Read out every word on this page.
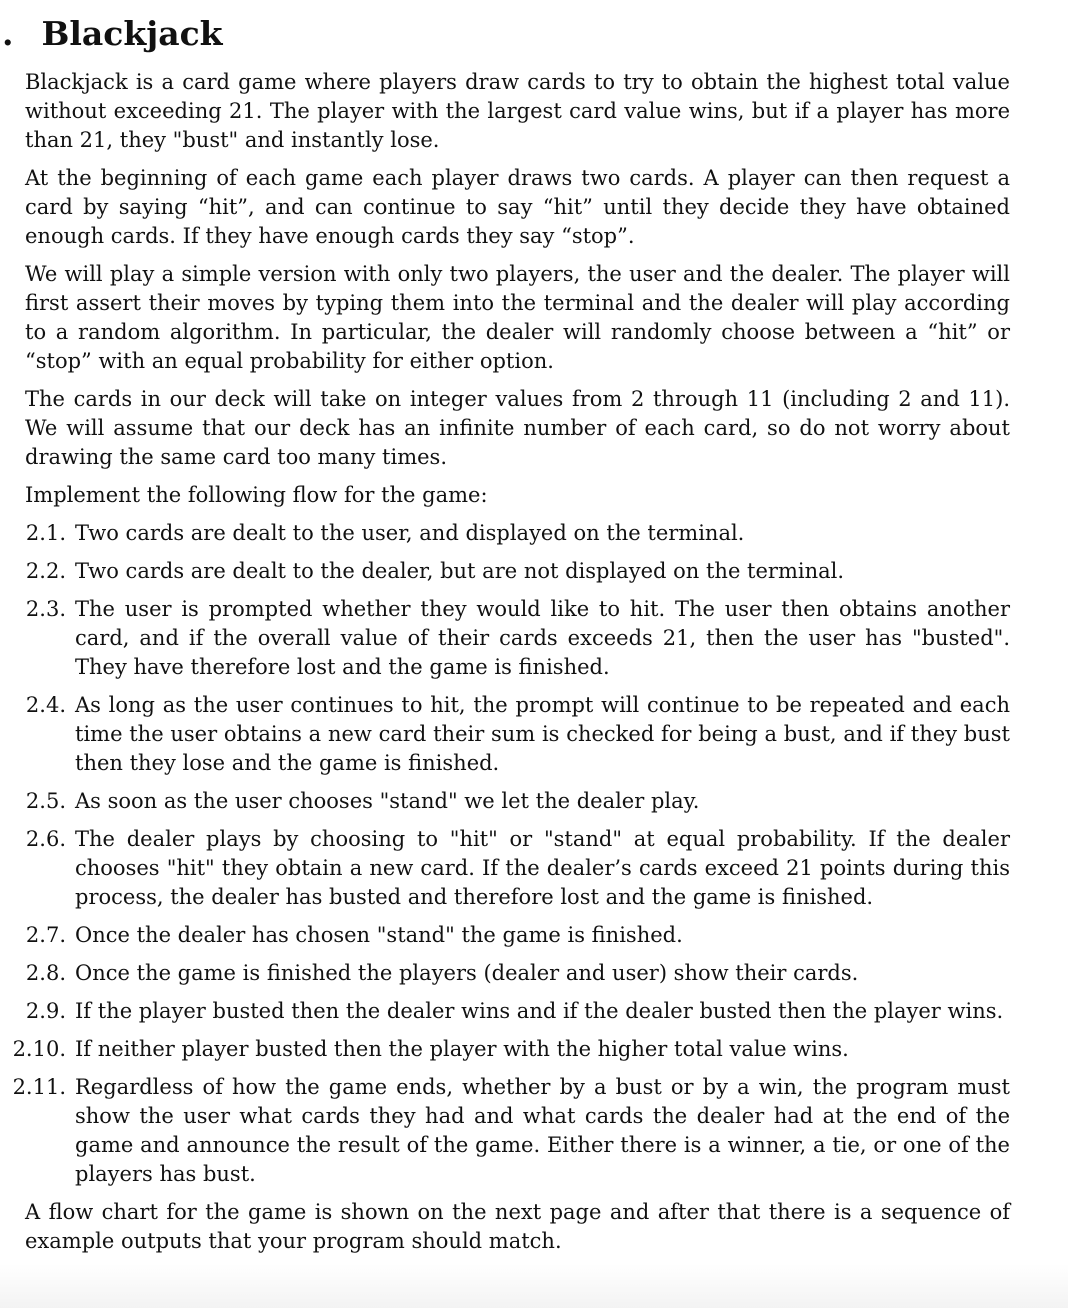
. Blackjack

Blackjack is a card game where players draw cards to try to obtain the highest total value without exceeding 21. The player with the largest card value wins, but if a player has more than 21, they "bust" and instantly lose.

At the beginning of each game each player draws two cards. A player can then request a card by saying “hit”, and can continue to say “hit” until they decide they have obtained enough cards. If they have enough cards they say “stop”.

We will play a simple version with only two players, the user and the dealer. The player will first assert their moves by typing them into the terminal and the dealer will play according to a random algorithm. In particular, the dealer will randomly choose between a “hit” or “stop” with an equal probability for either option.

The cards in our deck will take on integer values from 2 through 11 (including 2 and 11). We will assume that our deck has an infinite number of each card, so do not worry about drawing the same card too many times.

Implement the following flow for the game:

2.1. Two cards are dealt to the user, and displayed on the terminal.
2.2. Two cards are dealt to the dealer, but are not displayed on the terminal.
2.3. The user is prompted whether they would like to hit. The user then obtains another card, and if the overall value of their cards exceeds 21, then the user has "busted". They have therefore lost and the game is finished.
2.4. As long as the user continues to hit, the prompt will continue to be repeated and each time the user obtains a new card their sum is checked for being a bust, and if they bust then they lose and the game is finished.
2.5. As soon as the user chooses "stand" we let the dealer play.
2.6. The dealer plays by choosing to "hit" or "stand" at equal probability. If the dealer chooses "hit" they obtain a new card. If the dealer’s cards exceed 21 points during this process, the dealer has busted and therefore lost and the game is finished.
2.7. Once the dealer has chosen "stand" the game is finished.
2.8. Once the game is finished the players (dealer and user) show their cards.
2.9. If the player busted then the dealer wins and if the dealer busted then the player wins.
2.10. If neither player busted then the player with the higher total value wins.
2.11. Regardless of how the game ends, whether by a bust or by a win, the program must show the user what cards they had and what cards the dealer had at the end of the game and announce the result of the game. Either there is a winner, a tie, or one of the players has bust.

A flow chart for the game is shown on the next page and after that there is a sequence of example outputs that your program should match.
